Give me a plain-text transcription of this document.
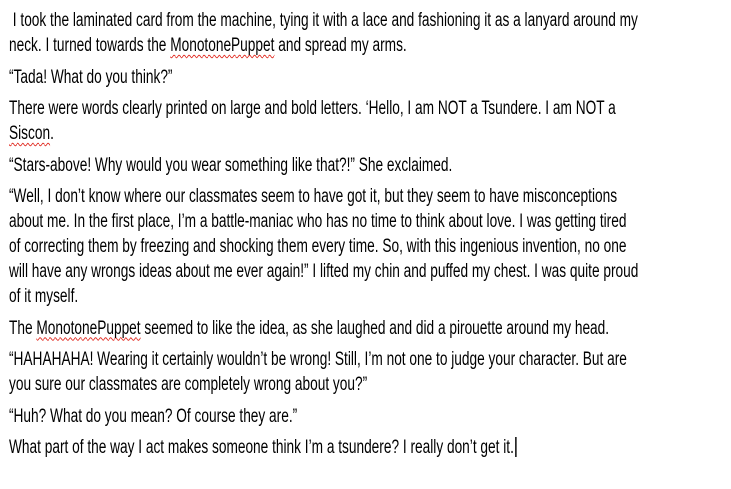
I took the laminated card from the machine, tying it with a lace and fashioning it as a lanyard around my
neck. I turned towards the MonotonePuppet and spread my arms.
“Tada! What do you think?”
There were words clearly printed on large and bold letters. ‘Hello, I am NOT a Tsundere. I am NOT a
Siscon.
“Stars-above! Why would you wear something like that?!” She exclaimed.
“Well, I don’t know where our classmates seem to have got it, but they seem to have misconceptions
about me. In the first place, I’m a battle-maniac who has no time to think about love. I was getting tired
of correcting them by freezing and shocking them every time. So, with this ingenious invention, no one
will have any wrongs ideas about me ever again!” I lifted my chin and puffed my chest. I was quite proud
of it myself.
The MonotonePuppet seemed to like the idea, as she laughed and did a pirouette around my head.
“HAHAHAHA! Wearing it certainly wouldn’t be wrong! Still, I’m not one to judge your character. But are
you sure our classmates are completely wrong about you?”
“Huh? What do you mean? Of course they are.”
What part of the way I act makes someone think I’m a tsundere? I really don’t get it.
